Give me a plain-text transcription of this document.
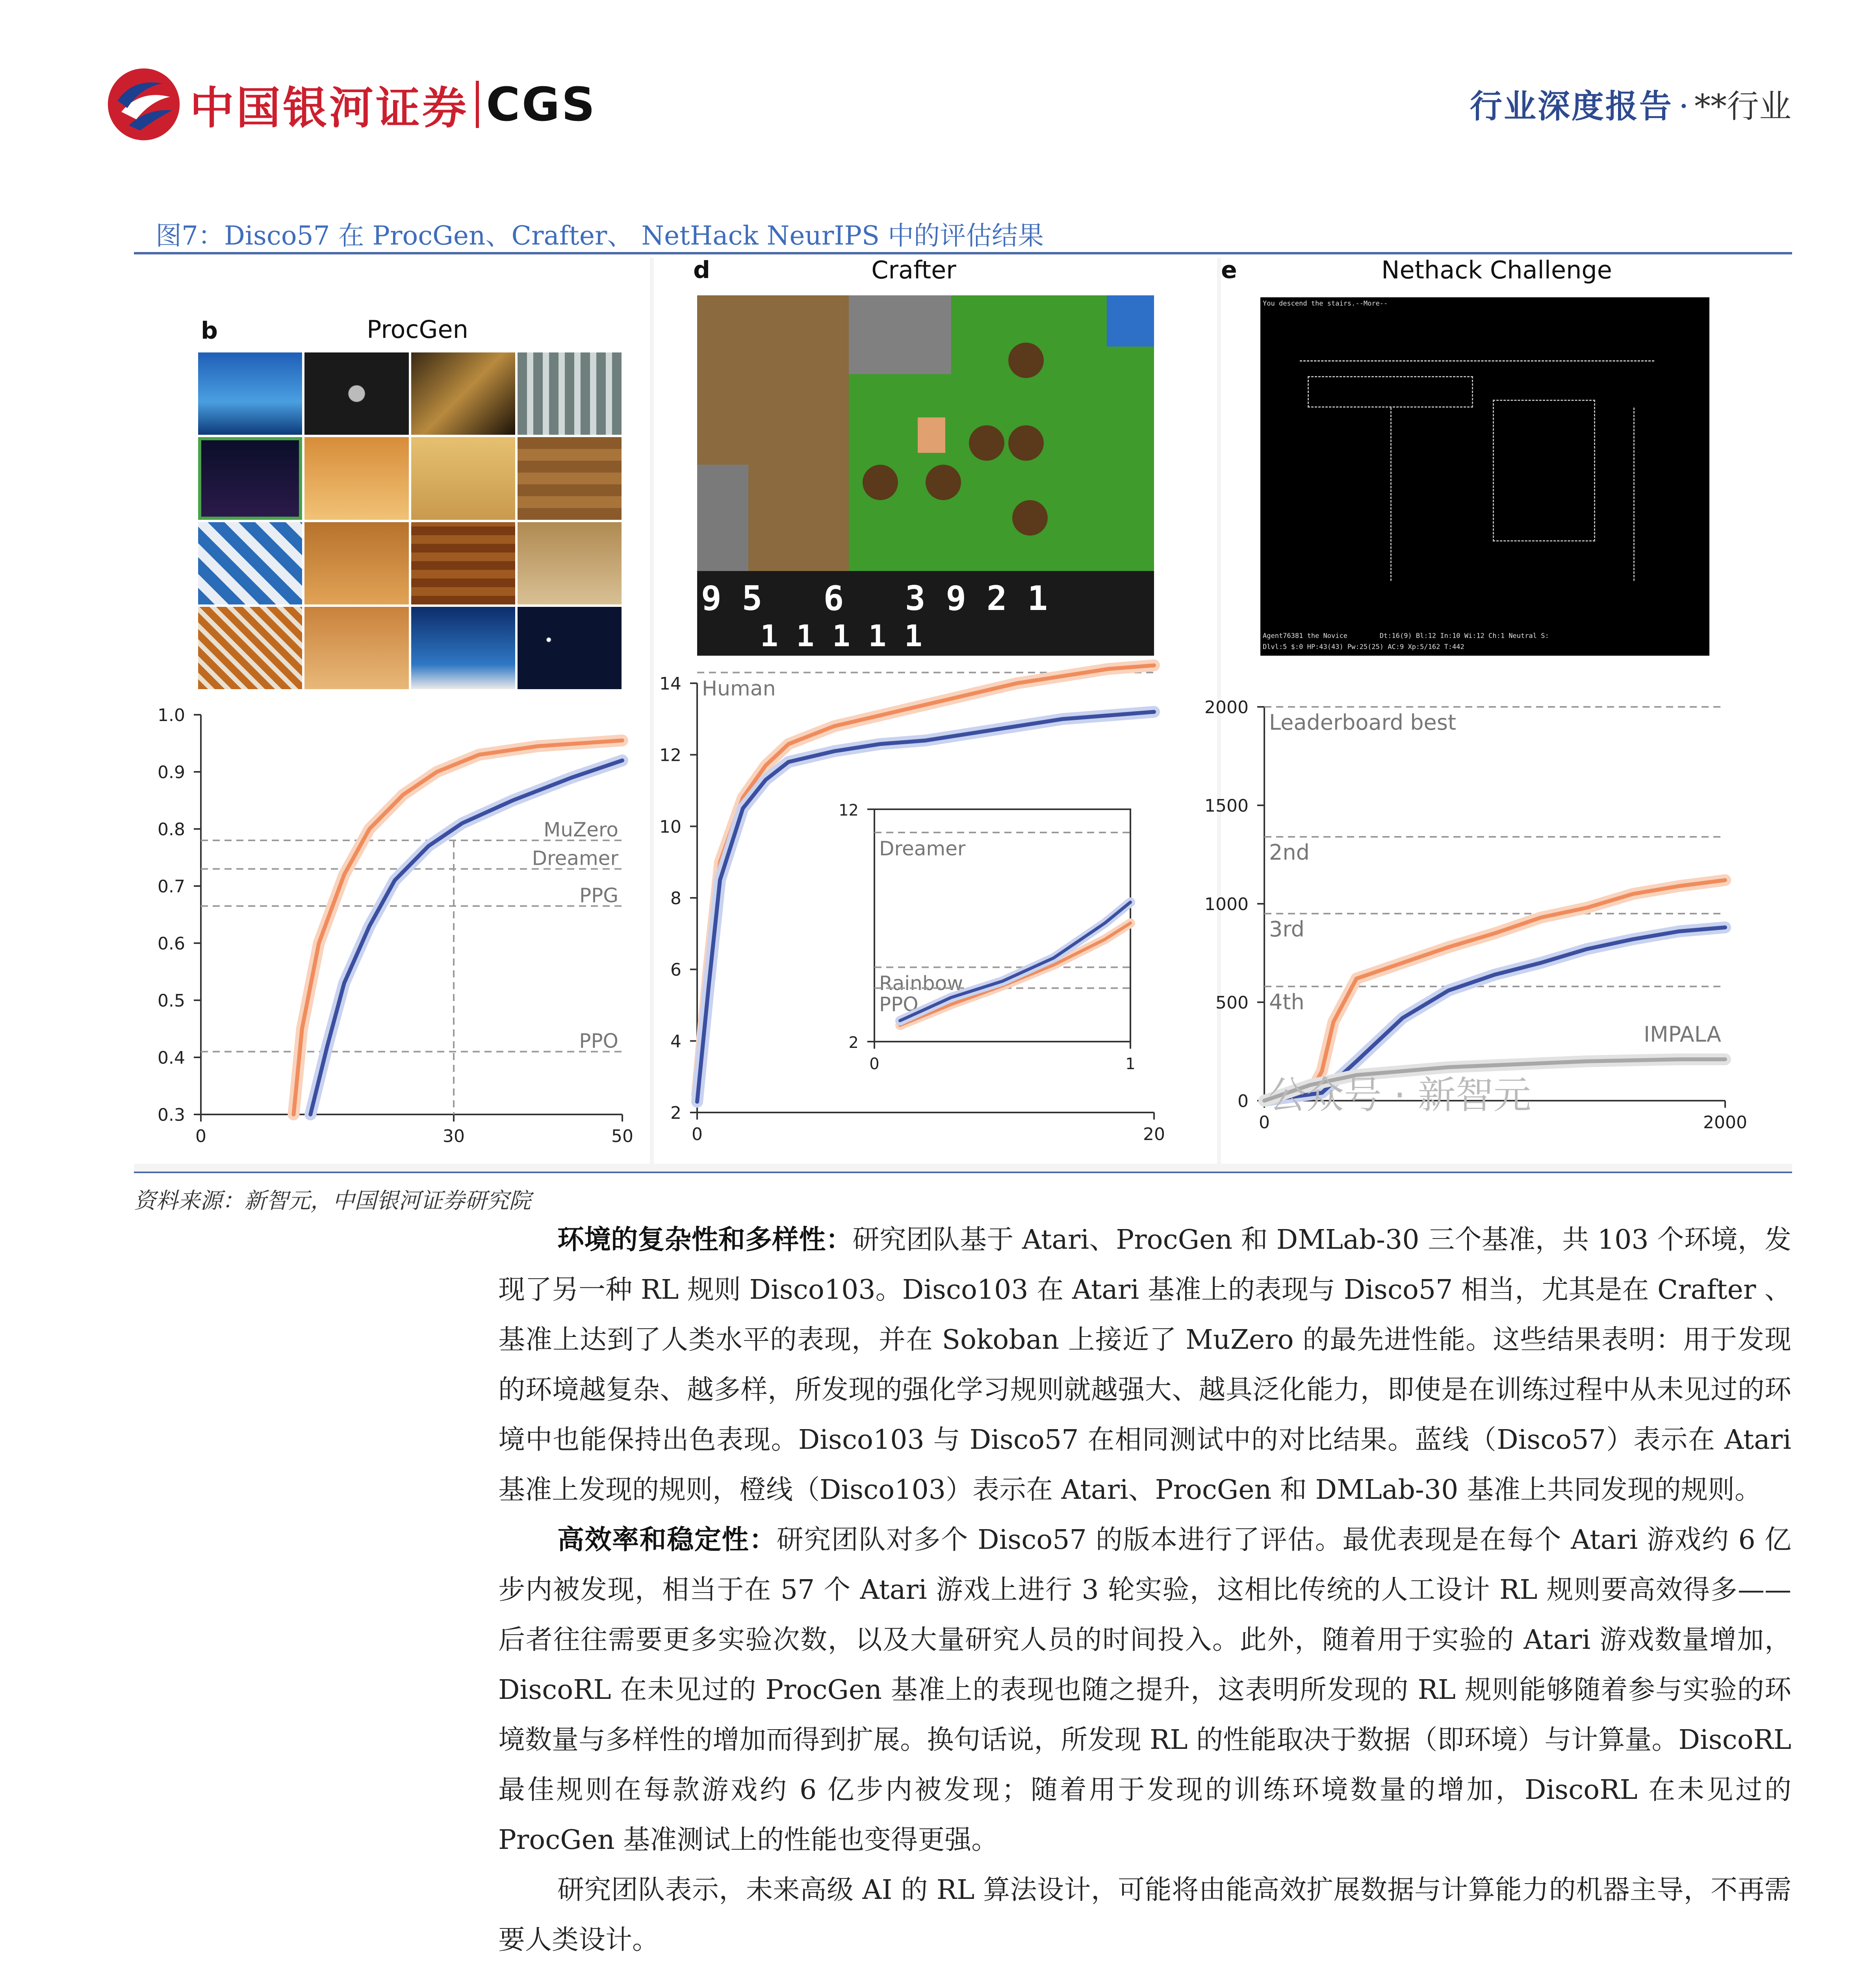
中国银河证券 CGS	行业深度报告 · **行业
图7：Disco57 在 ProcGen、Crafter、 NetHack NeurIPS 中的评估结果
b	ProcGen
1.0
0.9
0.8
0.7
0.6
0.5
0.4
0.3
0	30	50
MuZero
Dreamer
PPG
PPO
d	Crafter
9 5   6   3 9 2 1
1 1 1 1 1
14
12
10
8
6
4
2
0	20
Human
12
2
0	1
Dreamer
Rainbow
PPO
e	Nethack Challenge
You descend the stairs.--More--
Agent76381 the Novice        Dt:16(9) Bl:12 In:10 Wi:12 Ch:1 Neutral S:
Dlvl:5 $:0 HP:43(43) Pw:25(25) AC:9 Xp:5/162 T:442
2000
1500
1000
500
0
0	2000
Leaderboard best
2nd
3rd
4th
IMPALA
公众号 · 新智元
资料来源：新智元，中国银河证券研究院

环境的复杂性和多样性：研究团队基于 Atari、ProcGen 和 DMLab-30 三个基准，共 103 个环境，发现了另一种 RL 规则 Disco103。Disco103 在 Atari 基准上的表现与 Disco57 相当，尤其是在 Crafter 、基准上达到了人类水平的表现，并在 Sokoban 上接近了 MuZero 的最先进性能。这些结果表明：用于发现的环境越复杂、越多样，所发现的强化学习规则就越强大、越具泛化能力，即使是在训练过程中从未见过的环境中也能保持出色表现。Disco103 与 Disco57 在相同测试中的对比结果。蓝线（Disco57）表示在 Atari 基准上发现的规则，橙线（Disco103）表示在 Atari、ProcGen 和 DMLab-30 基准上共同发现的规则。

高效率和稳定性：研究团队对多个 Disco57 的版本进行了评估。最优表现是在每个 Atari 游戏约 6 亿步内被发现，相当于在 57 个 Atari 游戏上进行 3 轮实验，这相比传统的人工设计 RL 规则要高效得多——后者往往需要更多实验次数，以及大量研究人员的时间投入。此外，随着用于实验的 Atari 游戏数量增加，DiscoRL 在未见过的 ProcGen 基准上的表现也随之提升，这表明所发现的 RL 规则能够随着参与实验的环境数量与多样性的增加而得到扩展。换句话说，所发现 RL 的性能取决于数据（即环境）与计算量。DiscoRL 最佳规则在每款游戏约 6 亿步内被发现；随着用于发现的训练环境数量的增加，DiscoRL 在未见过的 ProcGen 基准测试上的性能也变得更强。

研究团队表示，未来高级 AI 的 RL 算法设计，可能将由能高效扩展数据与计算能力的机器主导，不再需要人类设计。
